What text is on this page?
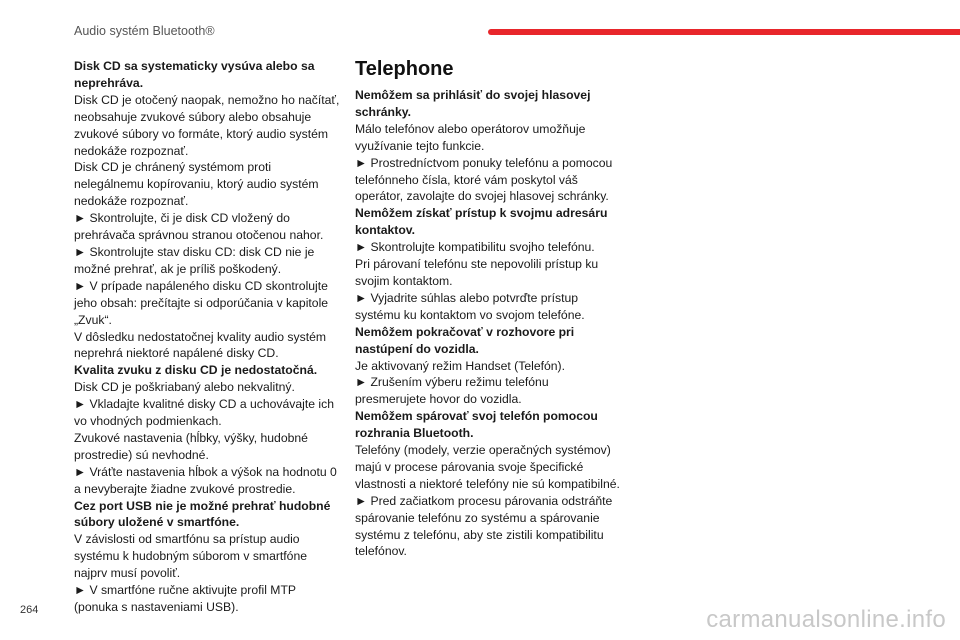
Audio systém Bluetooth®

Disk CD sa systematicky vysúva alebo sa neprehráva.

Disk CD je otočený naopak, nemožno ho načítať, neobsahuje zvukové súbory alebo obsahuje zvukové súbory vo formáte, ktorý audio systém nedokáže rozpoznať.

Disk CD je chránený systémom proti nelegálnemu kopírovaniu, ktorý audio systém nedokáže rozpoznať.

► Skontrolujte, či je disk CD vložený do prehrávača správnou stranou otočenou nahor.

► Skontrolujte stav disku CD: disk CD nie je možné prehrať, ak je príliš poškodený.

► V prípade napáleného disku CD skontrolujte jeho obsah: prečítajte si odporúčania v kapitole „Zvuk“.

V dôsledku nedostatočnej kvality audio systém neprehrá niektoré napálené disky CD.

Kvalita zvuku z disku CD je nedostatočná.

Disk CD je poškriabaný alebo nekvalitný.

► Vkladajte kvalitné disky CD a uchovávajte ich vo vhodných podmienkach.

Zvukové nastavenia (hĺbky, výšky, hudobné prostredie) sú nevhodné.

► Vráťte nastavenia hĺbok a výšok na hodnotu 0 a nevyberajte žiadne zvukové prostredie.

Cez port USB nie je možné prehrať hudobné súbory uložené v smartfóne.

V závislosti od smartfónu sa prístup audio systému k hudobným súborom v smartfóne najprv musí povoliť.

► V smartfóne ručne aktivujte profil MTP (ponuka s nastaveniami USB).

Telephone

Nemôžem sa prihlásiť do svojej hlasovej schránky.

Málo telefónov alebo operátorov umožňuje využívanie tejto funkcie.

► Prostredníctvom ponuky telefónu a pomocou telefónneho čísla, ktoré vám poskytol váš operátor, zavolajte do svojej hlasovej schránky.

Nemôžem získať prístup k svojmu adresáru kontaktov.

► Skontrolujte kompatibilitu svojho telefónu.

Pri párovaní telefónu ste nepovolili prístup ku svojim kontaktom.

► Vyjadrite súhlas alebo potvrďte prístup systému ku kontaktom vo svojom telefóne.

Nemôžem pokračovať v rozhovore pri nastúpení do vozidla.

Je aktivovaný režim Handset (Telefón).

► Zrušením výberu režimu telefónu presmerujete hovor do vozidla.

Nemôžem spárovať svoj telefón pomocou rozhrania Bluetooth.

Telefóny (modely, verzie operačných systémov) majú v procese párovania svoje špecifické vlastnosti a niektoré telefóny nie sú kompatibilné.

► Pred začiatkom procesu párovania odstráňte spárovanie telefónu zo systému a spárovanie systému z telefónu, aby ste zistili kompatibilitu telefónov.

264	carmanualsonline.info
